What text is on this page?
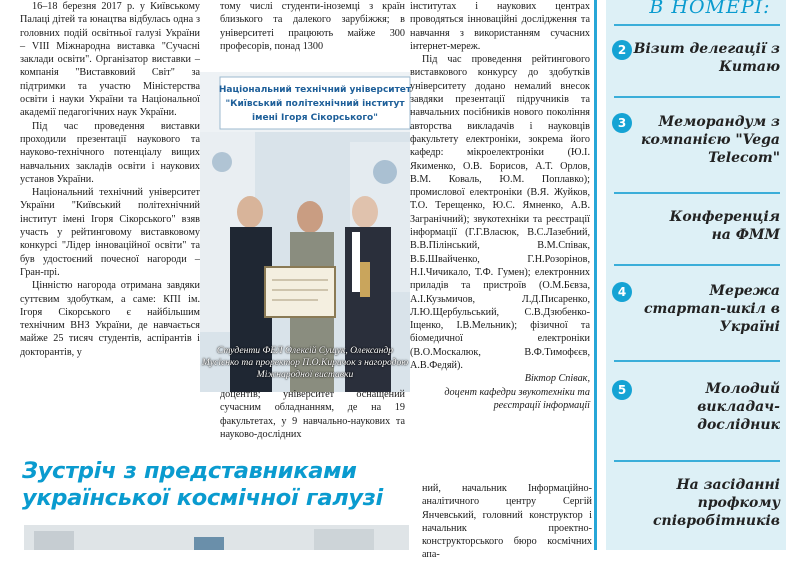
16–18 березня 2017 р. у Київському Палаці дітей та юнацтва відбулась одна з головних подій освітньої галузі України – VIII Міжнародна виставка "Сучасні заклади освіти". Організатор виставки – компанія "Виставковий Світ" за підтримки та участю Міністерства освіти і науки України та Національної академії педагогічних наук України.

Під час проведення виставки проходили презентації наукового та науково-технічного потенціалу вищих навчальних закладів освіти і наукових установ України.

Національний технічний університет України "Київський політехнічний інститут імені Ігоря Сікорського" взяв участь у рейтинговому виставковому конкурсі "Лідер інноваційної освіти" та був удостоєний почесної нагороди – Гран-прі.

Цінністю нагорода отримана завдяки суттєвим здобуткам, а саме: КПІ ім. Ігоря Сікорського є найбільшим технічним ВНЗ України, де навчається майже 25 тисяч студентів, аспірантів і докторантів, у

тому числі студенти-іноземці з країн близького та далекого зарубіжжя; в університеті працюють майже 300 професорів, понад 1300
Національний технічний університет
"Київський політехнічний інститут
імені Ігоря Сікорського"
Студенти ФЕЛ Олексій Сущук, Олександр Мусієнко та проректор П.О.Киричок з нагородою Міжнародної виставки
доцентів; університет оснащений сучасним обладнанням, де на 19 факультетах, у 9 навчально-наукових та науково-дослідних

інститутах і наукових центрах проводяться інноваційні дослідження та навчання з використанням сучасних інтернет-мереж.

Під час проведення рейтингового виставкового конкурсу до здобутків університету додано немалий внесок завдяки презентації підручників та навчальних посібників нового покоління авторства викладачів і науковців факультету електроніки, зокрема його кафедр: мікроелектроніки (Ю.І. Якименко, О.В. Борисов, А.Т. Орлов, В.М. Коваль, Ю.М. Поплавко); промислової електроніки (В.Я. Жуйков, Т.О. Терещенко, Ю.С. Ямненко, А.В. Загранічний); звукотехніки та реєстрації інформації (Г.Г.Власюк, В.С.Лазебний, В.В.Пілінський, В.М.Співак, В.Б.Швайченко, Г.Н.Розорінов, Н.І.Чичикало, Т.Ф. Гумен); електронних приладів та пристроїв (О.М.Бєвза, А.І.Кузьмичов, Л.Д.Писаренко, Л.Ю.Щербульський, С.В.Дзюбенко-Іщенко, І.В.Мельник); фізичної та біомедичної електроніки (В.О.Москалюк, В.Ф.Тимофєєв, А.В.Федяй).

Віктор Співак,

доцент кафедри звукотехніки та реєстрації інформації

Зустріч з представниками української космічної галузі	ний, начальник Інформаційно-аналітичного центру Сергій Янчевський, головний конструктор і начальник проектно-конструкторського бюро космічних апа-
В НОМЕРІ:
2 Візит делегації з Китаю
3	Меморандум з компанією "Vega Telecom"
Конференція на ФММ
4	Мережа стартап-шкіл в Україні
5	Молодий викладач-дослідник
На засіданні профкому співробітників
